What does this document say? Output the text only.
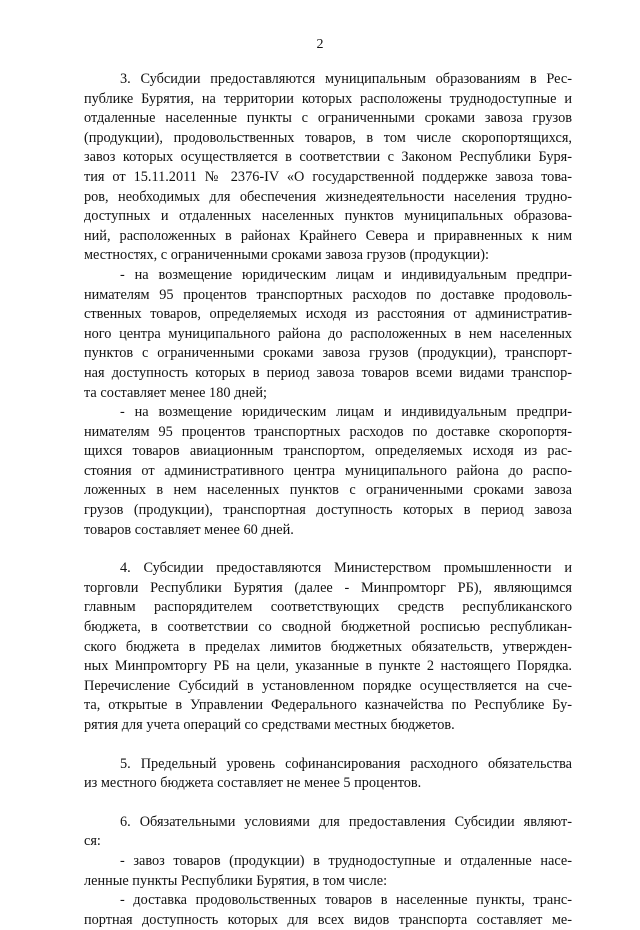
2
3. Субсидии предоставляются муниципальным образованиям в Рес-
публике Бурятия, на территории которых расположены труднодоступные и
отдаленные населенные пункты с ограниченными сроками завоза грузов
(продукции), продовольственных товаров, в том числе скоропортящихся,
завоз которых осуществляется в соответствии с Законом Республики Буря-
тия от 15.11.2011 № 2376-IV «О государственной поддержке завоза това-
ров, необходимых для обеспечения жизнедеятельности населения трудно-
доступных и отдаленных населенных пунктов муниципальных образова-
ний, расположенных в районах Крайнего Севера и приравненных к ним
местностях, с ограниченными сроками завоза грузов (продукции):
- на возмещение юридическим лицам и индивидуальным предпри-
нимателям 95 процентов транспортных расходов по доставке продоволь-
ственных товаров, определяемых исходя из расстояния от административ-
ного центра муниципального района до расположенных в нем населенных
пунктов с ограниченными сроками завоза грузов (продукции), транспорт-
ная доступность которых в период завоза товаров всеми видами транспор-
та составляет менее 180 дней;
- на возмещение юридическим лицам и индивидуальным предпри-
нимателям 95 процентов транспортных расходов по доставке скоропортя-
щихся товаров авиационным транспортом, определяемых исходя из рас-
стояния от административного центра муниципального района до распо-
ложенных в нем населенных пунктов с ограниченными сроками завоза
грузов (продукции), транспортная доступность которых в период завоза
товаров составляет менее 60 дней.
4. Субсидии предоставляются Министерством промышленности и
торговли Республики Бурятия (далее - Минпромторг РБ), являющимся
главным распорядителем соответствующих средств республиканского
бюджета, в соответствии со сводной бюджетной росписью республикан-
ского бюджета в пределах лимитов бюджетных обязательств, утвержден-
ных Минпромторгу РБ на цели, указанные в пункте 2 настоящего Порядка.
Перечисление Субсидий в установленном порядке осуществляется на сче-
та, открытые в Управлении Федерального казначейства по Республике Бу-
рятия для учета операций со средствами местных бюджетов.
5. Предельный уровень софинансирования расходного обязательства
из местного бюджета составляет не менее 5 процентов.
6. Обязательными условиями для предоставления Субсидии являют-
ся:
- завоз товаров (продукции) в труднодоступные и отдаленные насе-
ленные пункты Республики Бурятия, в том числе:
- доставка продовольственных товаров в населенные пункты, транс-
портная доступность которых для всех видов транспорта составляет ме-
